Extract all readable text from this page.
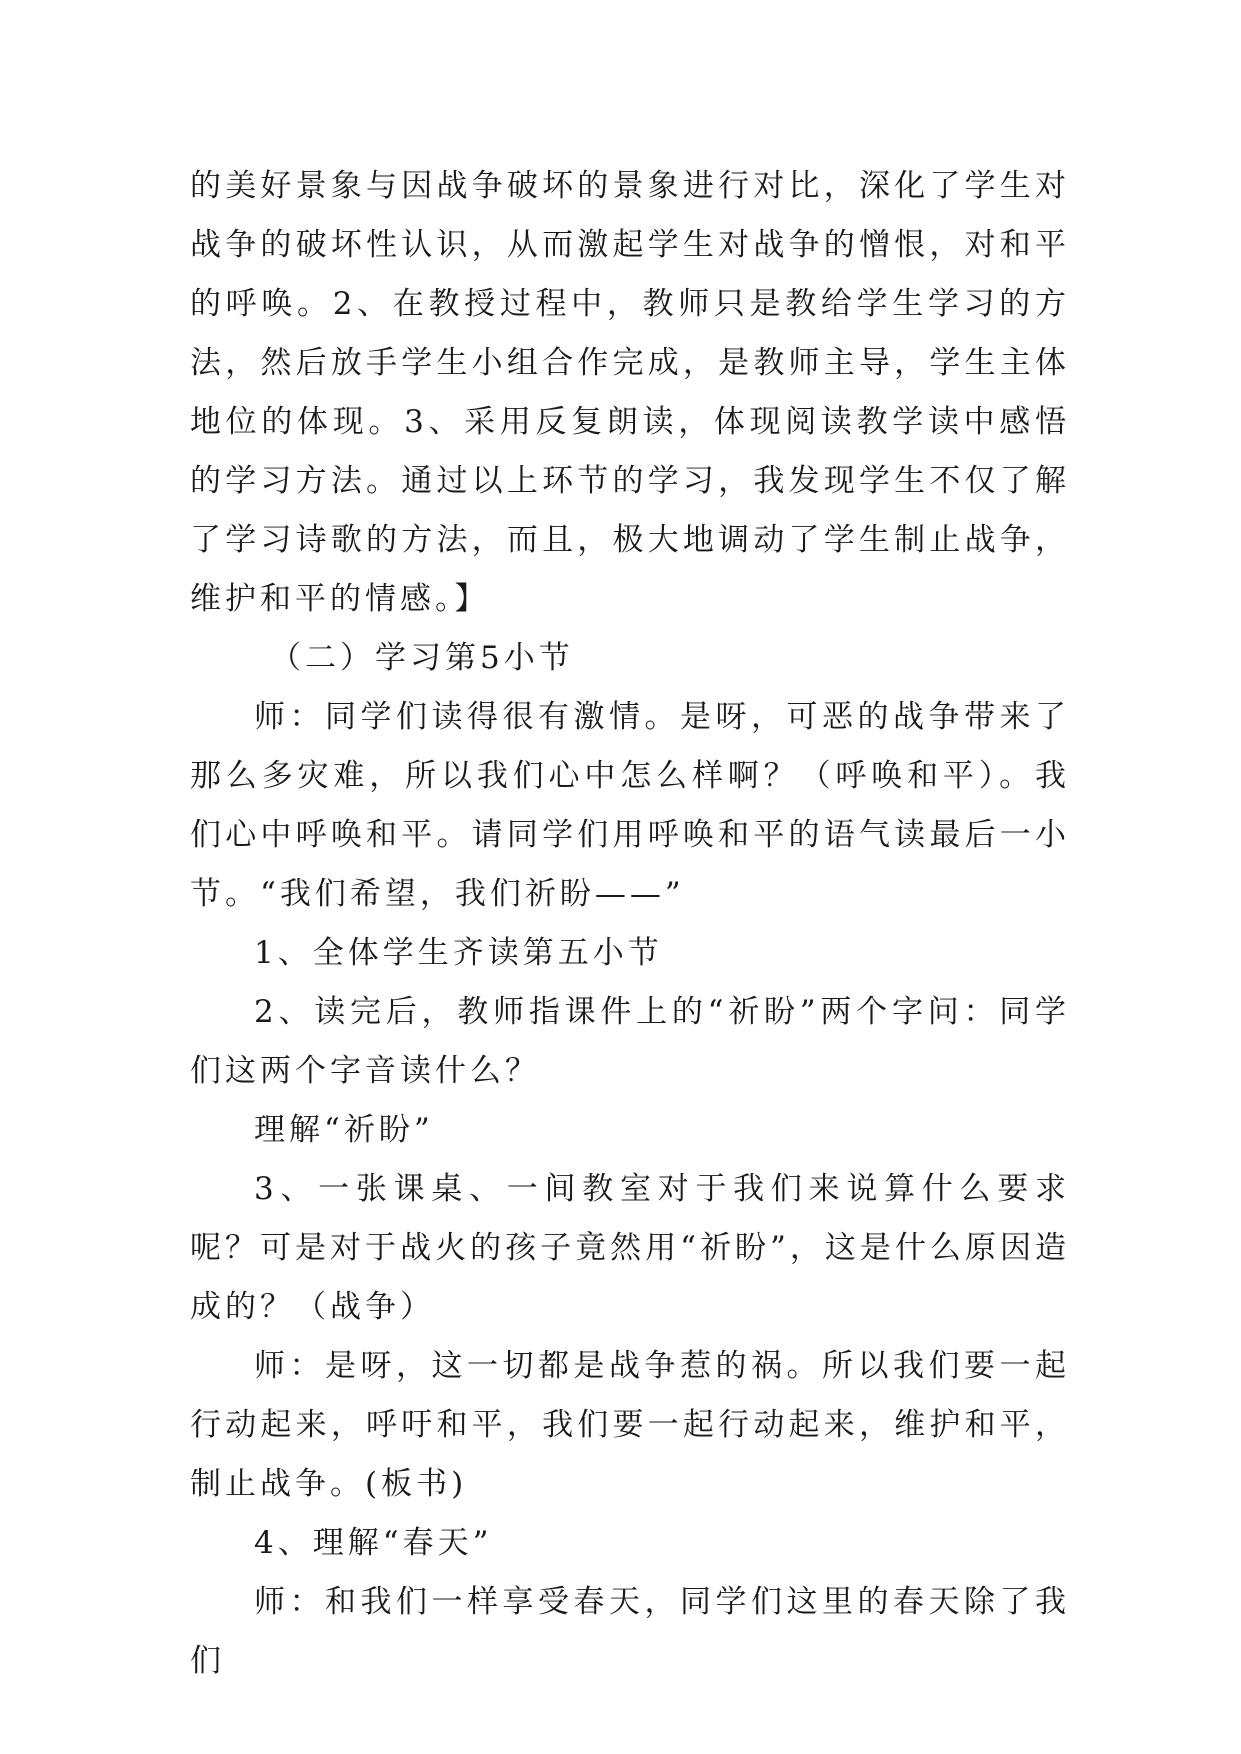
的美好景象与因战争破坏的景象进行对比，深化了学生对战争的破坏性认识，从而激起学生对战争的憎恨，对和平的呼唤。2、在教授过程中，教师只是教给学生学习的方法，然后放手学生小组合作完成，是教师主导，学生主体地位的体现。3、采用反复朗读，体现阅读教学读中感悟的学习方法。通过以上环节的学习，我发现学生不仅了解了学习诗歌的方法，而且，极大地调动了学生制止战争，维护和平的情感。】

（二）学习第5小节

师：同学们读得很有激情。是呀，可恶的战争带来了那么多灾难，所以我们心中怎么样啊？（呼唤和平）。我们心中呼唤和平。请同学们用呼唤和平的语气读最后一小节。“我们希望，我们祈盼——”

1、全体学生齐读第五小节

2、读完后，教师指课件上的“祈盼”两个字问：同学们这两个字音读什么？

理解“祈盼”

3、一张课桌、一间教室对于我们来说算什么要求呢？可是对于战火的孩子竟然用“祈盼”，这是什么原因造成的？（战争）

师：是呀，这一切都是战争惹的祸。所以我们要一起行动起来，呼吁和平，我们要一起行动起来，维护和平，制止战争。(板书)

4、理解“春天”

师：和我们一样享受春天，同学们这里的春天除了我们
